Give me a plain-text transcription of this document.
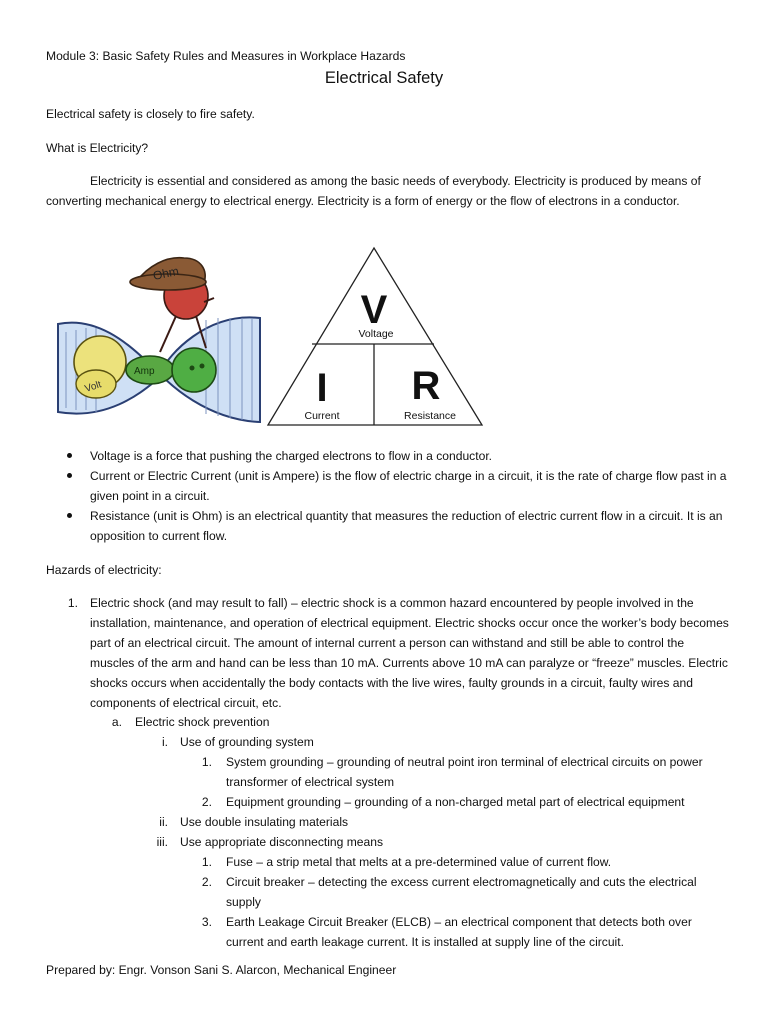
Module 3: Basic Safety Rules and Measures in Workplace Hazards
Electrical Safety
Electrical safety is closely to fire safety.
What is Electricity?
Electricity is essential and considered as among the basic needs of everybody. Electricity is produced by means of converting mechanical energy to electrical energy. Electricity is a form of energy or the flow of electrons in a conductor.
Ohm
Volt
Amp
V
Voltage
I
Current
R
Resistance
Voltage is a force that pushing the charged electrons to flow in a conductor.
Current or Electric Current (unit is Ampere) is the flow of electric charge in a circuit, it is the rate of charge flow past in a given point in a circuit.
Resistance (unit is Ohm) is an electrical quantity that measures the reduction of electric current flow in a circuit. It is an opposition to current flow.
Hazards of electricity:
1. Electric shock (and may result to fall) – electric shock is a common hazard encountered by people involved in the installation, maintenance, and operation of electrical equipment. Electric shocks occur once the worker’s body becomes part of an electrical circuit. The amount of internal current a person can withstand and still be able to control the muscles of the arm and hand can be less than 10 mA. Currents above 10 mA can paralyze or “freeze” muscles. Electric shocks occurs when accidentally the body contacts with the live wires, faulty grounds in a circuit, faulty wires and components of electrical circuit, etc.
a. Electric shock prevention
i. Use of grounding system
1. System grounding – grounding of neutral point iron terminal of electrical circuits on power transformer of electrical system
2. Equipment grounding – grounding of a non-charged metal part of electrical equipment
ii. Use double insulating materials
iii. Use appropriate disconnecting means
1. Fuse – a strip metal that melts at a pre-determined value of current flow.
2. Circuit breaker – detecting the excess current electromagnetically and cuts the electrical supply
3. Earth Leakage Circuit Breaker (ELCB) – an electrical component that detects both over current and earth leakage current. It is installed at supply line of the circuit.
Prepared by: Engr. Vonson Sani S. Alarcon, Mechanical Engineer
